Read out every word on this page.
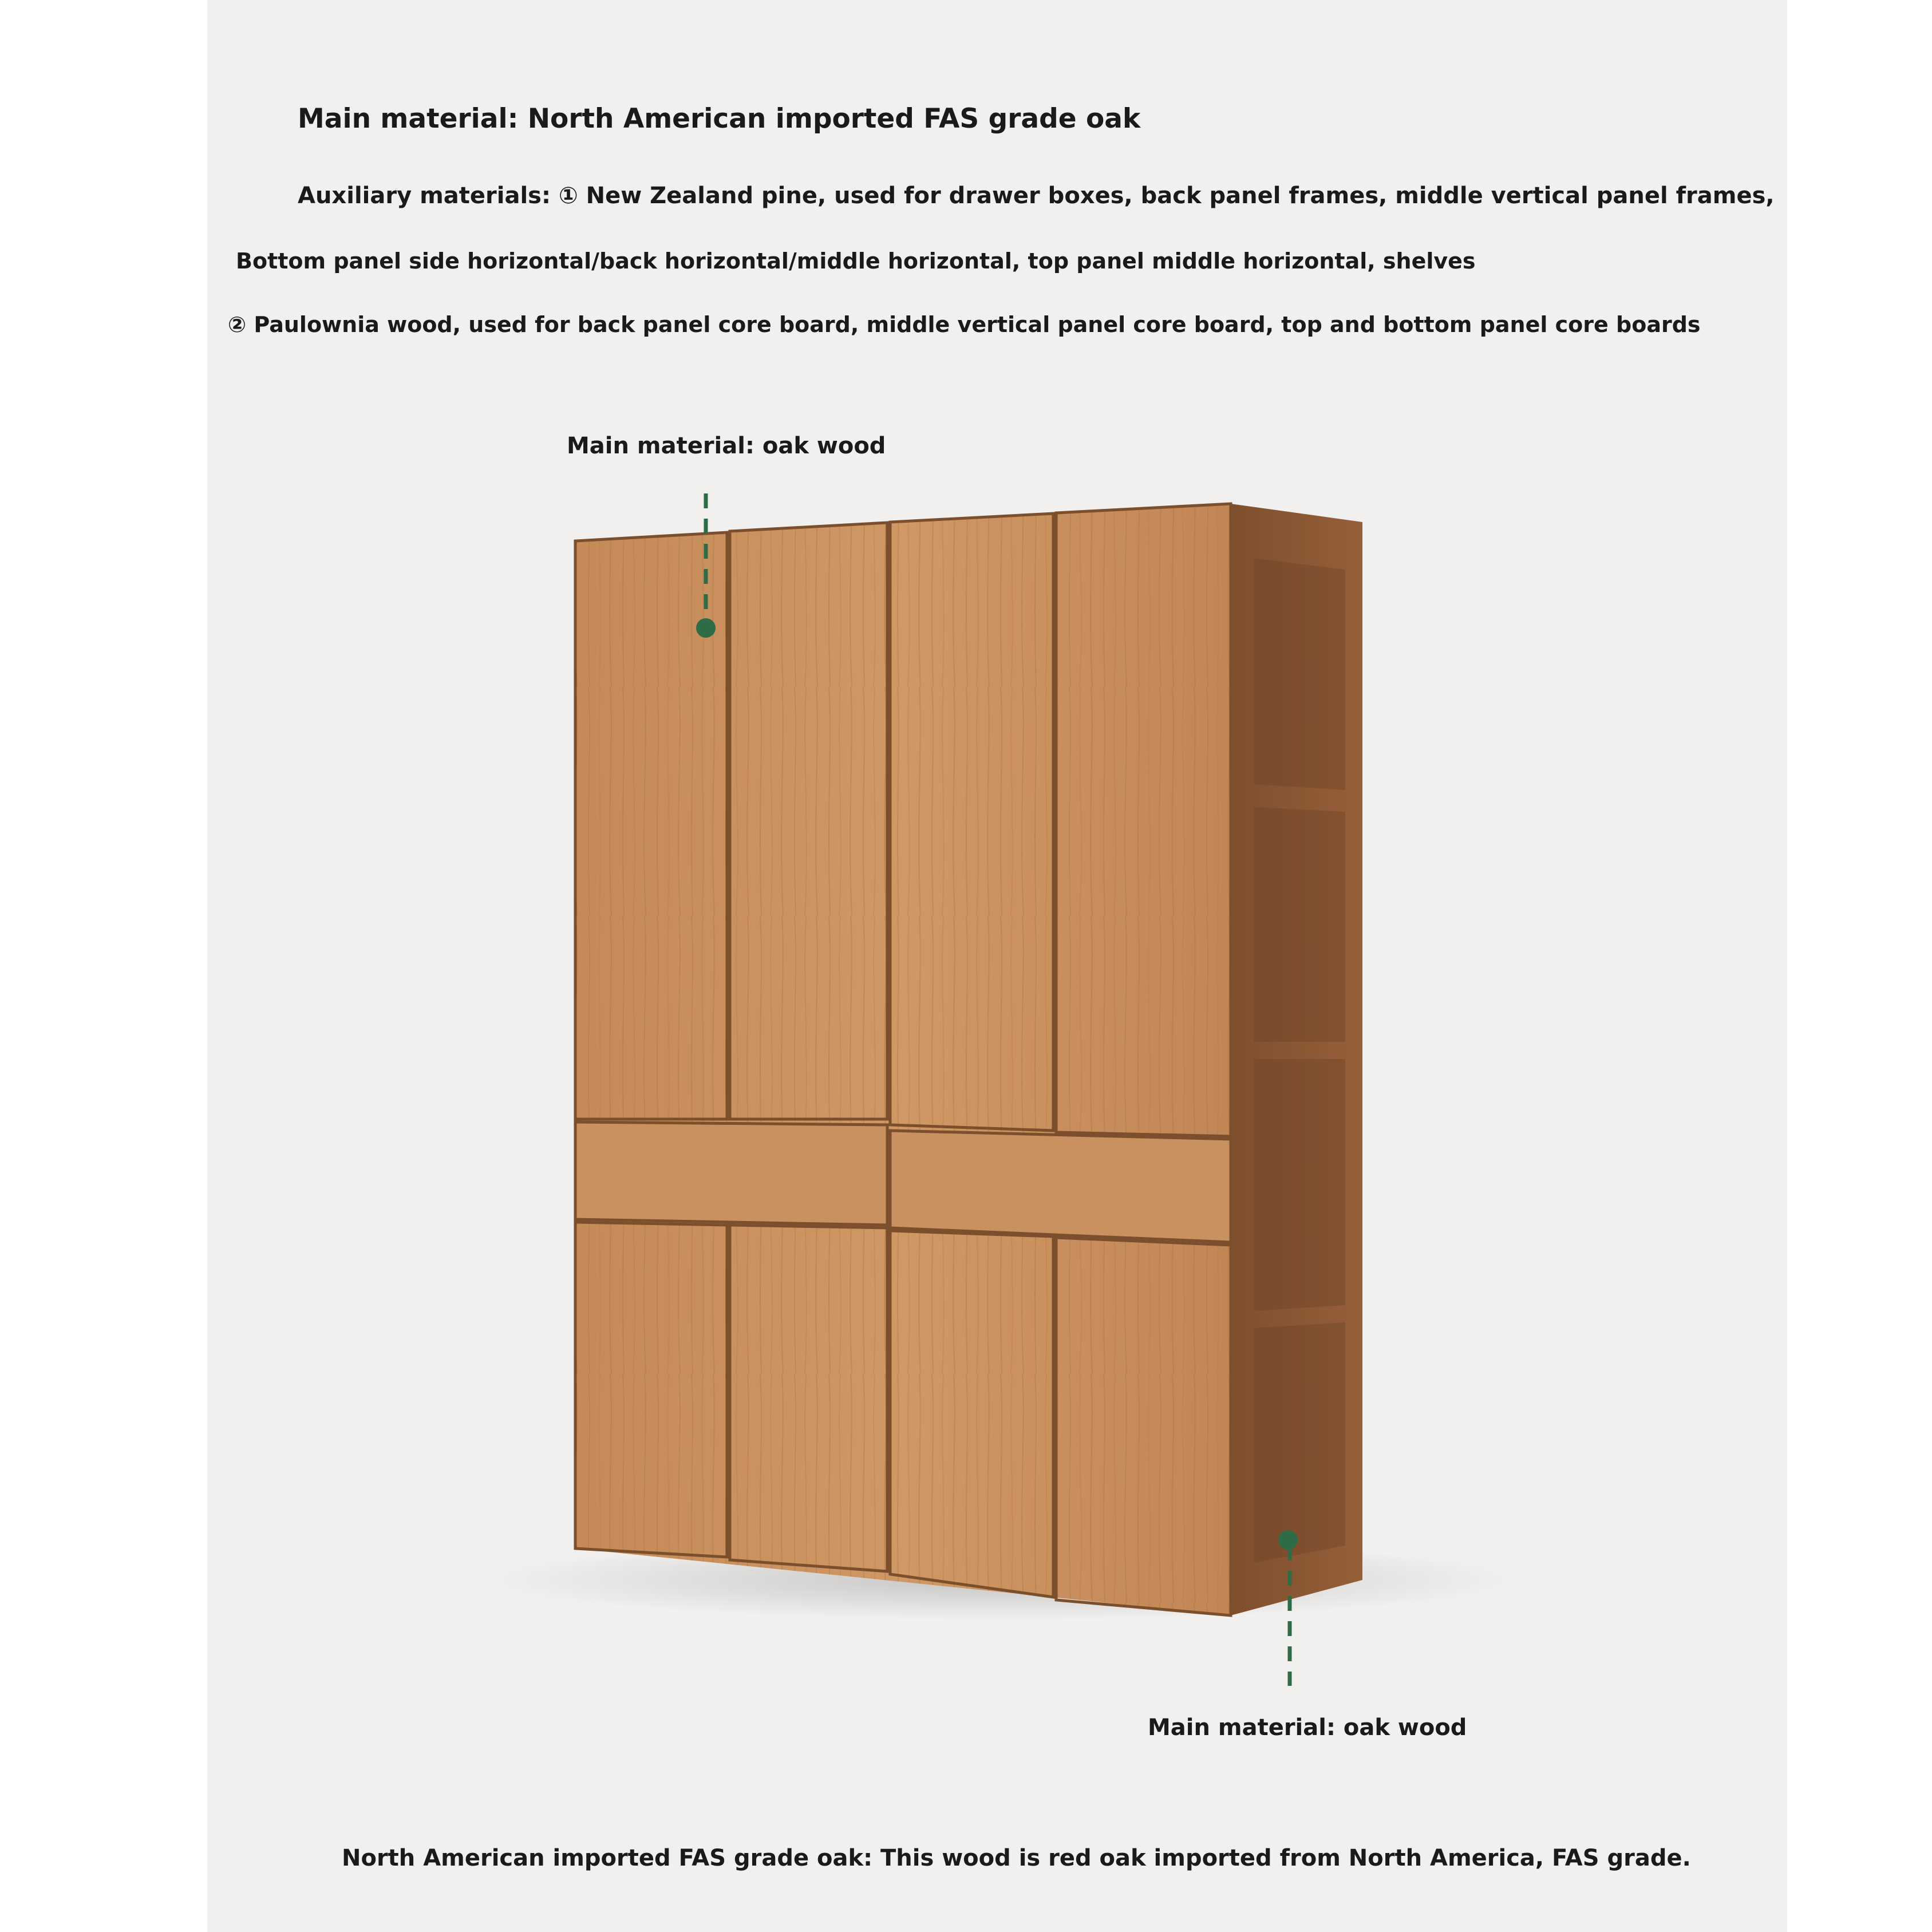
Main material: North American imported FAS grade oak
Auxiliary materials: ① New Zealand pine, used for drawer boxes, back panel frames, middle vertical panel frames,
Bottom panel side horizontal/back horizontal/middle horizontal, top panel middle horizontal, shelves
② Paulownia wood, used for back panel core board, middle vertical panel core board, top and bottom panel core boards
Main material: oak wood
Main material: oak wood
North American imported FAS grade oak: This wood is red oak imported from North America, FAS grade.
